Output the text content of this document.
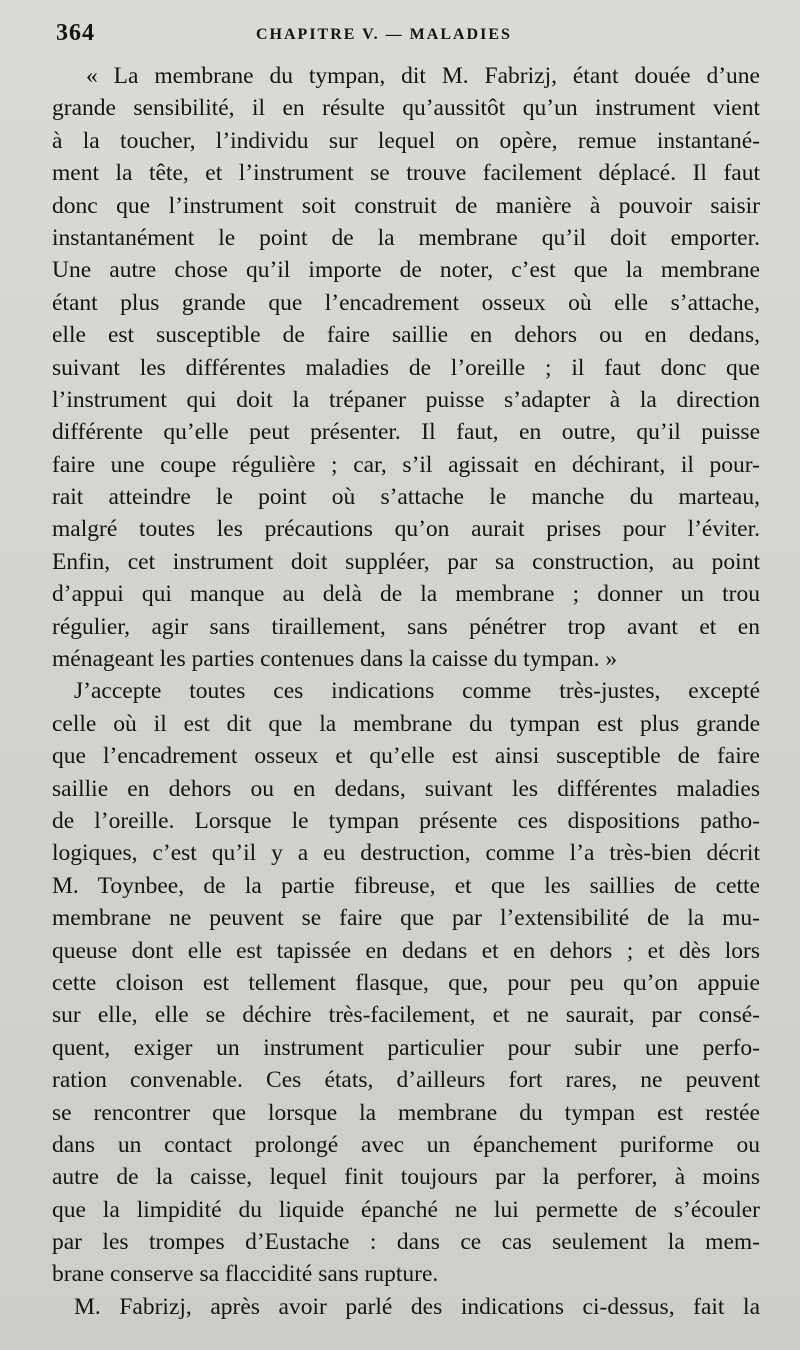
364	CHAPITRE V. — MALADIES
« La membrane du tympan, dit M. Fabrizj, étant douée d’une
grande sensibilité, il en résulte qu’aussitôt qu’un instrument vient
à la toucher, l’individu sur lequel on opère, remue instantané-
ment la tête, et l’instrument se trouve facilement déplacé. Il faut
donc que l’instrument soit construit de manière à pouvoir saisir
instantanément le point de la membrane qu’il doit emporter.
Une autre chose qu’il importe de noter, c’est que la membrane
étant plus grande que l’encadrement osseux où elle s’attache,
elle est susceptible de faire saillie en dehors ou en dedans,
suivant les différentes maladies de l’oreille ; il faut donc que
l’instrument qui doit la trépaner puisse s’adapter à la direction
différente qu’elle peut présenter. Il faut, en outre, qu’il puisse
faire une coupe régulière ; car, s’il agissait en déchirant, il pour-
rait atteindre le point où s’attache le manche du marteau,
malgré toutes les précautions qu’on aurait prises pour l’éviter.
Enfin, cet instrument doit suppléer, par sa construction, au point
d’appui qui manque au delà de la membrane ; donner un trou
régulier, agir sans tiraillement, sans pénétrer trop avant et en
ménageant les parties contenues dans la caisse du tympan. »
J’accepte toutes ces indications comme très-justes, excepté
celle où il est dit que la membrane du tympan est plus grande
que l’encadrement osseux et qu’elle est ainsi susceptible de faire
saillie en dehors ou en dedans, suivant les différentes maladies
de l’oreille. Lorsque le tympan présente ces dispositions patho-
logiques, c’est qu’il y a eu destruction, comme l’a très-bien décrit
M. Toynbee, de la partie fibreuse, et que les saillies de cette
membrane ne peuvent se faire que par l’extensibilité de la mu-
queuse dont elle est tapissée en dedans et en dehors ; et dès lors
cette cloison est tellement flasque, que, pour peu qu’on appuie
sur elle, elle se déchire très-facilement, et ne saurait, par consé-
quent, exiger un instrument particulier pour subir une perfo-
ration convenable. Ces états, d’ailleurs fort rares, ne peuvent
se rencontrer que lorsque la membrane du tympan est restée
dans un contact prolongé avec un épanchement puriforme ou
autre de la caisse, lequel finit toujours par la perforer, à moins
que la limpidité du liquide épanché ne lui permette de s’écouler
par les trompes d’Eustache : dans ce cas seulement la mem-
brane conserve sa flaccidité sans rupture.
M. Fabrizj, après avoir parlé des indications ci-dessus, fait la
